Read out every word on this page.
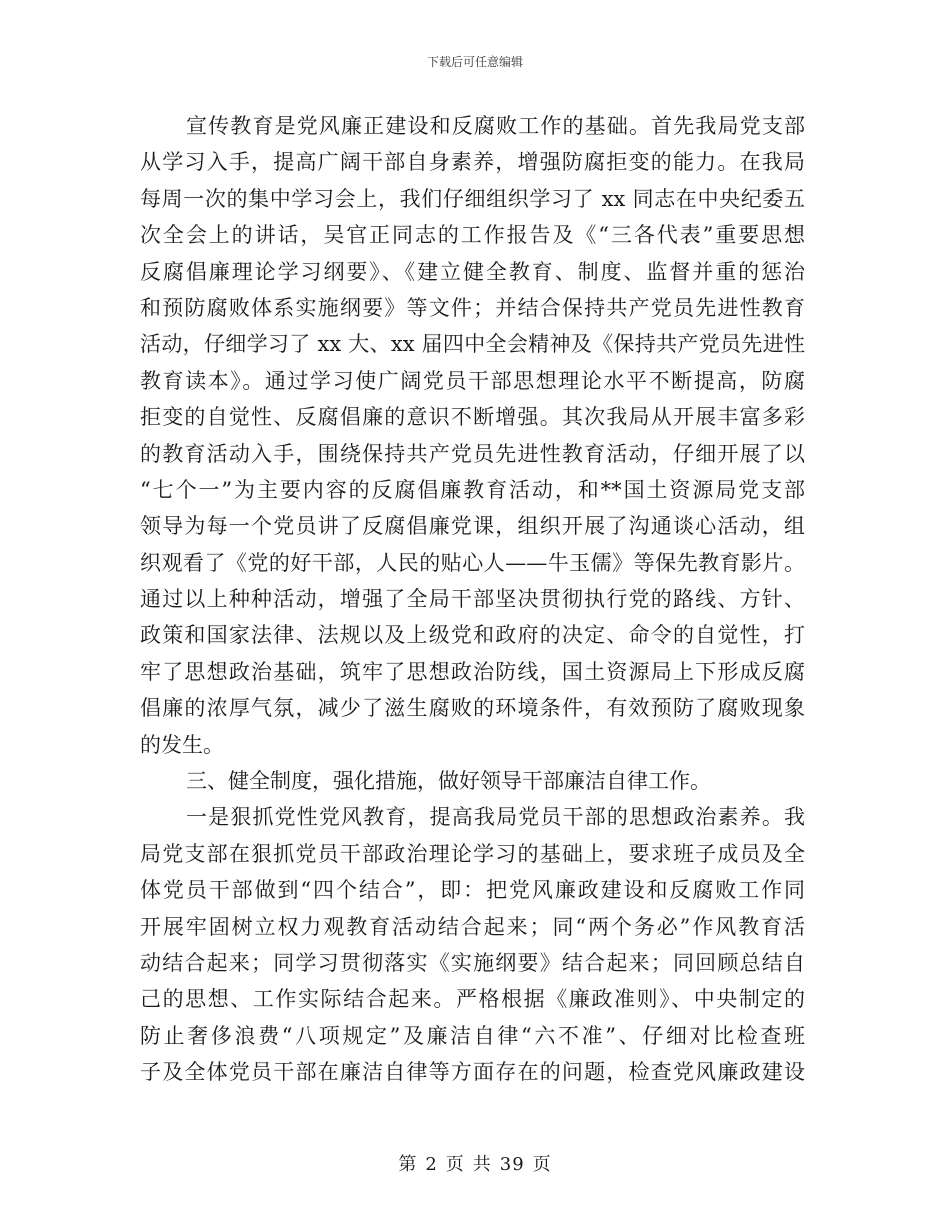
下载后可任意编辑
宣传教育是党风廉正建设和反腐败工作的基础。首先我局党支部
从学习入手，提高广阔干部自身素养，增强防腐拒变的能力。在我局
每周一次的集中学习会上，我们仔细组织学习了 xx 同志在中央纪委五
次全会上的讲话，吴官正同志的工作报告及《“三各代表”重要思想
反腐倡廉理论学习纲要》、《建立健全教育、制度、监督并重的惩治
和预防腐败体系实施纲要》等文件；并结合保持共产党员先进性教育
活动，仔细学习了 xx 大、xx 届四中全会精神及《保持共产党员先进性
教育读本》。通过学习使广阔党员干部思想理论水平不断提高，防腐
拒变的自觉性、反腐倡廉的意识不断增强。其次我局从开展丰富多彩
的教育活动入手，围绕保持共产党员先进性教育活动，仔细开展了以
“七个一”为主要内容的反腐倡廉教育活动，和**国土资源局党支部
领导为每一个党员讲了反腐倡廉党课，组织开展了沟通谈心活动，组
织观看了《党的好干部，人民的贴心人——牛玉儒》等保先教育影片。
通过以上种种活动，增强了全局干部坚决贯彻执行党的路线、方针、
政策和国家法律、法规以及上级党和政府的决定、命令的自觉性，打
牢了思想政治基础，筑牢了思想政治防线，国土资源局上下形成反腐
倡廉的浓厚气氛，减少了滋生腐败的环境条件，有效预防了腐败现象
的发生。
三、健全制度，强化措施，做好领导干部廉洁自律工作。
一是狠抓党性党风教育，提高我局党员干部的思想政治素养。我
局党支部在狠抓党员干部政治理论学习的基础上，要求班子成员及全
体党员干部做到“四个结合”，即：把党风廉政建设和反腐败工作同
开展牢固树立权力观教育活动结合起来；同“两个务必”作风教育活
动结合起来；同学习贯彻落实《实施纲要》结合起来；同回顾总结自
己的思想、工作实际结合起来。严格根据《廉政准则》、中央制定的
防止奢侈浪费“八项规定”及廉洁自律“六不准”、仔细对比检查班
子及全体党员干部在廉洁自律等方面存在的问题，检查党风廉政建设
第 2 页 共 39 页
